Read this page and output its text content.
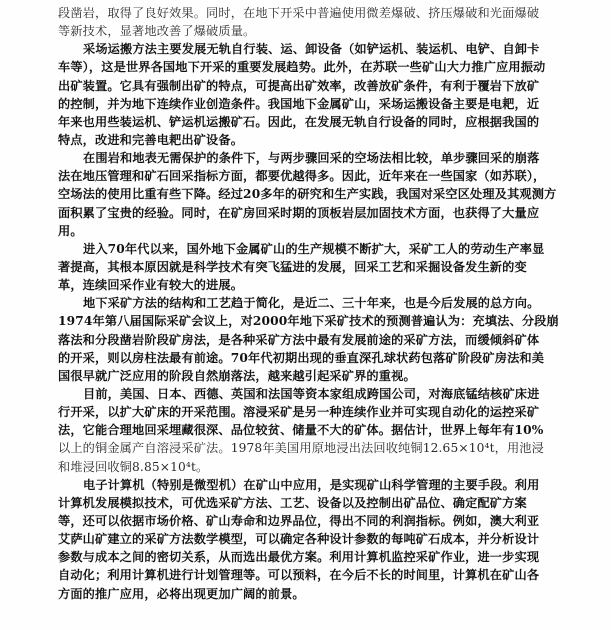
段凿岩，取得了良好效果。同时，在地下开采中普遍使用微差爆破、挤压爆破和光面爆破
等新技术，显著地改善了爆破质量。
采场运搬方法主要发展无轨自行装、运、卸设备（如铲运机、装运机、电铲、自卸卡
车等），这是世界各国地下开采的重要发展趋势。此外，在苏联一些矿山大力推广应用振动
出矿装置。它具有强制出矿的特点，可提高出矿效率，改善放矿条件，有利于覆岩下放矿
的控制，并为地下连续作业创造条件。我国地下金属矿山，采场运搬设备主要是电耙，近
年来也用些装运机、铲运机运搬矿石。因此，在发展无轨自行设备的同时，应根据我国的
特点，改进和完善电耙出矿设备。
在围岩和地表无需保护的条件下，与两步骤回采的空场法相比较，单步骤回采的崩落
法在地压管理和矿石回采指标方面，都要优越得多。因此，近年来在一些国家（如苏联），
空场法的使用比重有些下降。经过20多年的研究和生产实践，我国对采空区处理及其观测方
面积累了宝贵的经验。同时，在矿房回采时期的顶板岩层加固技术方面，也获得了大量应
用。
进入70年代以来，国外地下金属矿山的生产规模不断扩大，采矿工人的劳动生产率显
著提高，其根本原因就是科学技术有突飞猛进的发展，回采工艺和采掘设备发生新的变
革，连续回采作业有较大的进展。
地下采矿方法的结构和工艺趋于简化，是近二、三十年来，也是今后发展的总方向。
1974年第八届国际采矿会议上，对2000年地下采矿技术的预测普遍认为：充填法、分段崩
落法和分段凿岩阶段矿房法，是各种采矿方法中最有发展前途的采矿方法，而缓倾斜矿体
的开采，则以房柱法最有前途。70年代初期出现的垂直深孔球状药包落矿阶段矿房法和美
国很早就广泛应用的阶段自然崩落法，越来越引起采矿界的重视。
目前，美国、日本、西德、英国和法国等资本家组成跨国公司，对海底锰结核矿床进
行开采，以扩大矿床的开采范围。溶浸采矿是另一种连续作业并可实现自动化的运控采矿
法，它能合理地回采埋藏很深、品位较贫、储量不大的矿体。据估计，世界上每年有10%
以上的铜金属产自溶浸采矿法。1978年美国用原地浸出法回收纯铜12.65×10⁴t，用池浸
和堆浸回收铜8.85×10⁴t。
电子计算机（特别是微型机）在矿山中应用，是实现矿山科学管理的主要手段。利用
计算机发展模拟技术，可优选采矿方法、工艺、设备以及控制出矿品位、确定配矿方案
等，还可以依据市场价格、矿山寿命和边界品位，得出不同的利润指标。例如，澳大利亚
艾萨山矿建立的采矿方法数学模型，可以确定各种设计参数的每吨矿石成本，并分析设计
参数与成本之间的密切关系，从而选出最优方案。利用计算机监控采矿作业，进一步实现
自动化；利用计算机进行计划管理等。可以预料，在今后不长的时间里，计算机在矿山各
方面的推广应用，必将出现更加广阔的前景。
